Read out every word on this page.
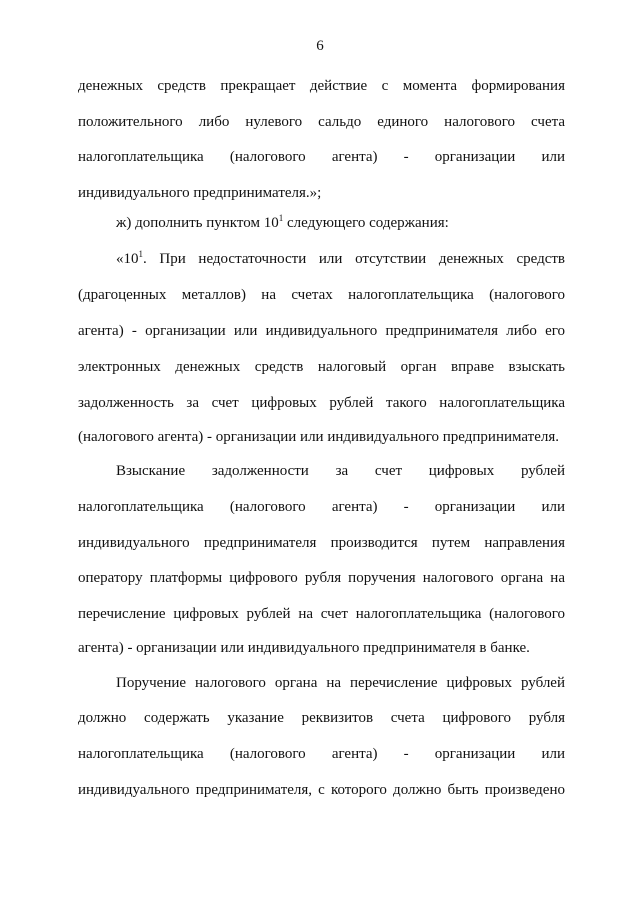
6
денежных средств прекращает действие с момента формирования
положительного либо нулевого сальдо единого налогового счета
налогоплательщика (налогового агента) - организации или
индивидуального предпринимателя.»;
ж) дополнить пунктом $10^1$ следующего содержания:
«$10^1$. При недостаточности или отсутствии денежных средств
(драгоценных металлов) на счетах налогоплательщика (налогового
агента) - организации или индивидуального предпринимателя либо его
электронных денежных средств налоговый орган вправе взыскать
задолженность за счет цифровых рублей такого налогоплательщика
(налогового агента) - организации или индивидуального предпринимателя.
Взыскание задолженности за счет цифровых рублей
налогоплательщика (налогового агента) - организации или
индивидуального предпринимателя производится путем направления
оператору платформы цифрового рубля поручения налогового органа на
перечисление цифровых рублей на счет налогоплательщика (налогового
агента) - организации или индивидуального предпринимателя в банке.
Поручение налогового органа на перечисление цифровых рублей
должно содержать указание реквизитов счета цифрового рубля
налогоплательщика (налогового агента) - организации или
индивидуального предпринимателя, с которого должно быть произведено
